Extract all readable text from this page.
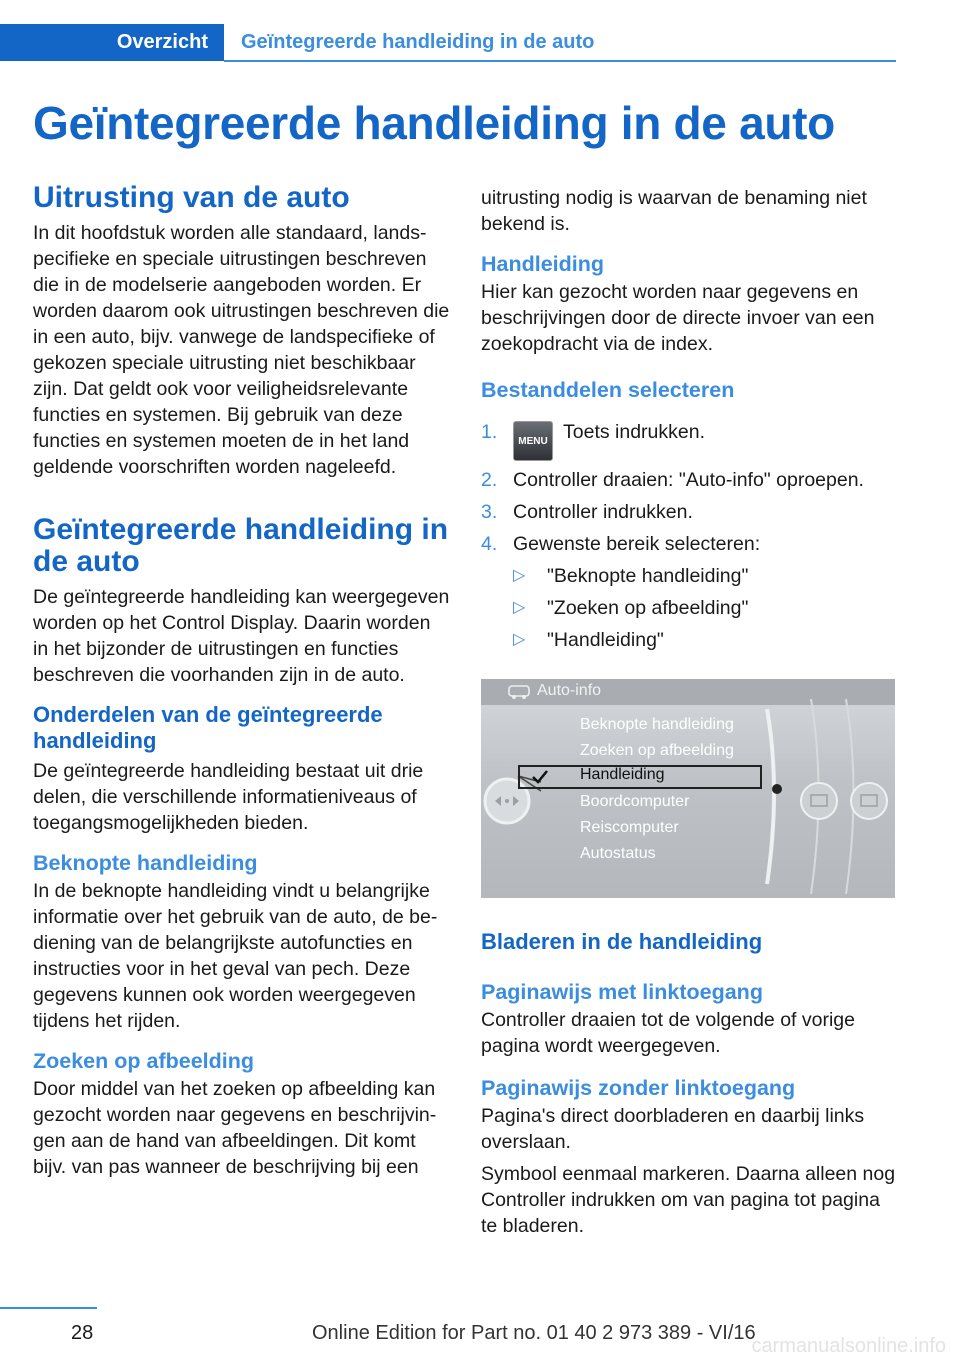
Overzicht	Geïntegreerde handleiding in de auto
Geïntegreerde handleiding in de auto
Uitrusting van de auto

In dit hoofdstuk worden alle standaard, landspecifieke en speciale uitrustingen beschreven die in de modelserie aangeboden worden. Er worden daarom ook uitrustingen beschreven die in een auto, bijv. vanwege de landspecifieke of gekozen speciale uitrusting niet beschikbaar zijn. Dat geldt ook voor veiligheidsrelevante functies en systemen. Bij gebruik van deze functies en systemen moeten de in het land geldende voorschriften worden nageleefd.

Geïntegreerde handleiding in de auto

De geïntegreerde handleiding kan weergegeven worden op het Control Display. Daarin worden in het bijzonder de uitrustingen en functies beschreven die voorhanden zijn in de auto.

Onderdelen van de geïntegreerde handleiding

De geïntegreerde handleiding bestaat uit drie delen, die verschillende informatieniveaus of toegangsmogelijkheden bieden.

Beknopte handleiding

In de beknopte handleiding vindt u belangrijke informatie over het gebruik van de auto, de bediening van de belangrijkste autofuncties en instructies voor in het geval van pech. Deze gegevens kunnen ook worden weergegeven tijdens het rijden.

Zoeken op afbeelding

Door middel van het zoeken op afbeelding kan gezocht worden naar gegevens en beschrijvingen aan de hand van afbeeldingen. Dit komt bijv. van pas wanneer de beschrijving bij een

uitrusting nodig is waarvan de benaming niet bekend is.

Handleiding

Hier kan gezocht worden naar gegevens en beschrijvingen door de directe invoer van een zoekopdracht via de index.

Bestanddelen selecteren
1. MENU Toets indrukken.
2. Controller draaien: "Auto-info" oproepen.
3. Controller indrukken.
4. Gewenste bereik selecteren:
▷ "Beknopte handleiding"
▷ "Zoeken op afbeelding"
▷ "Handleiding"
Auto-info
Beknopte handleiding
Zoeken op afbeelding
Handleiding
Boordcomputer
Reiscomputer
Autostatus
Bladeren in de handleiding
Paginawijs met linktoegang

Controller draaien tot de volgende of vorige pagina wordt weergegeven.

Paginawijs zonder linktoegang

Pagina's direct doorbladeren en daarbij links overslaan.

Symbool eenmaal markeren. Daarna alleen nog Controller indrukken om van pagina tot pagina te bladeren.

28	Online Edition for Part no. 01 40 2 973 389 - VI/16
carmanualsonline.info
